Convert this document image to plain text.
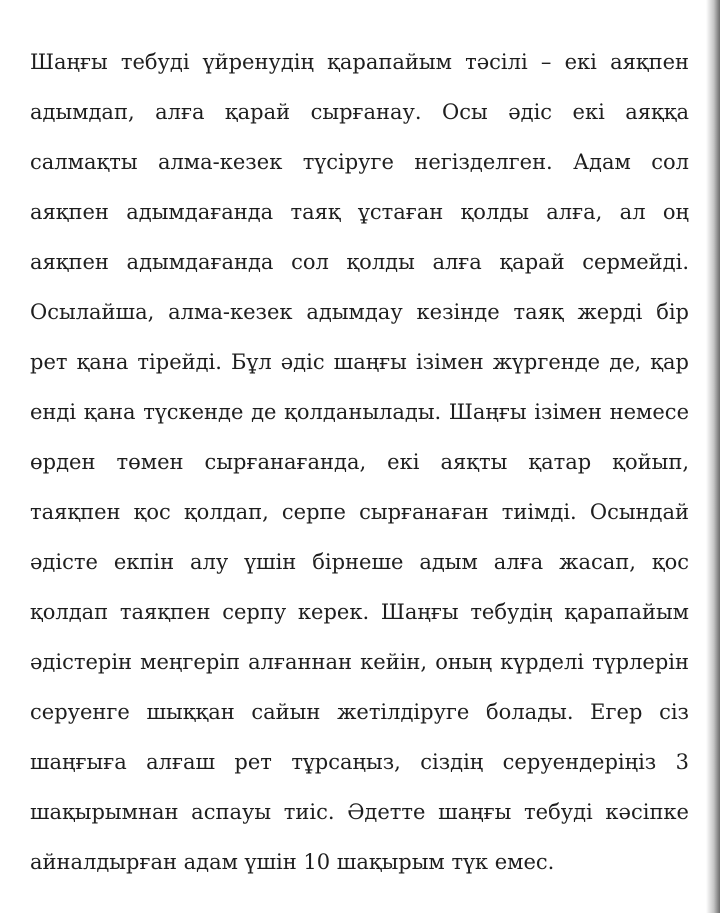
Шаңғы тебуді үйренудің қарапайым тәсілі – екі аяқпен
адымдап, алға қарай сырғанау. Осы әдіс екі аяққа
салмақты алма-кезек түсіруге негізделген. Адам сол
аяқпен адымдағанда таяқ ұстаған қолды алға, ал оң
аяқпен адымдағанда сол қолды алға қарай сермейді.
Осылайша, алма-кезек адымдау кезінде таяқ жерді бір
рет қана тірейді. Бұл әдіс шаңғы ізімен жүргенде де, қар
енді қана түскенде де қолданылады. Шаңғы ізімен немесе
өрден төмен сырғанағанда, екі аяқты қатар қойып,
таяқпен қос қолдап, серпе сырғанаған тиімді. Осындай
әдісте екпін алу үшін бірнеше адым алға жасап, қос
қолдап таяқпен серпу керек. Шаңғы тебудің қарапайым
әдістерін меңгеріп алғаннан кейін, оның күрделі түрлерін
серуенге шыққан сайын жетілдіруге болады. Егер сіз
шаңғыға алғаш рет тұрсаңыз, сіздің серуендеріңіз 3
шақырымнан аспауы тиіс. Әдетте шаңғы тебуді кәсіпке
айналдырған адам үшін 10 шақырым түк емес.
